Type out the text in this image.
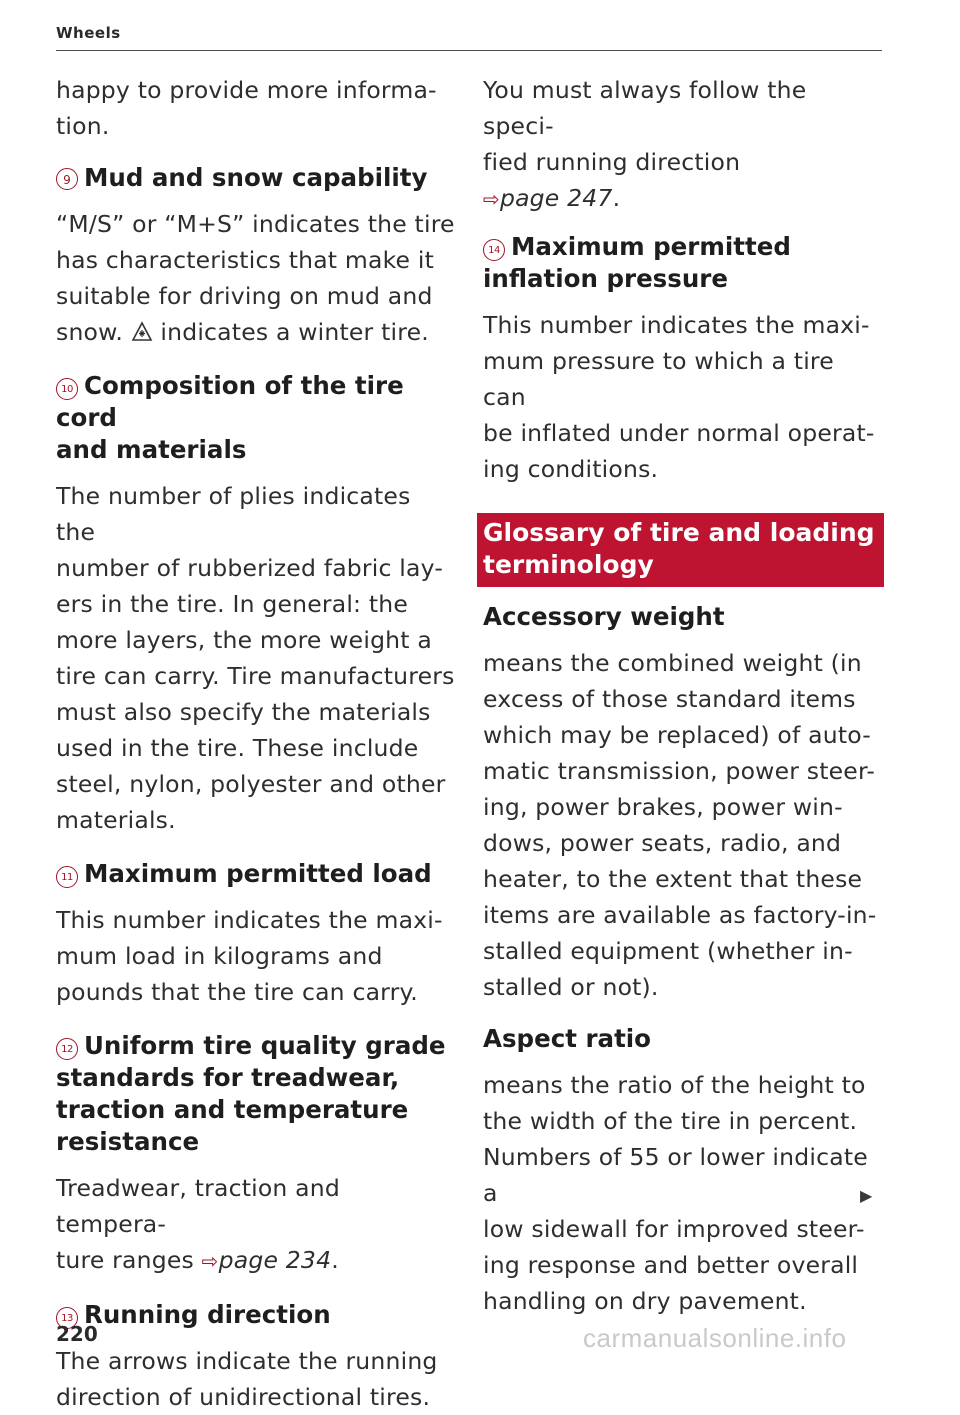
Wheels

happy to provide more informa-
tion.

9 Mud and snow capability

“M/S” or “M+S” indicates the tire
has characteristics that make it
suitable for driving on mud and
snow.  indicates a winter tire.

10 Composition of the tire cord
and materials

The number of plies indicates the
number of rubberized fabric lay-
ers in the tire. In general: the
more layers, the more weight a
tire can carry. Tire manufacturers
must also specify the materials
used in the tire. These include
steel, nylon, polyester and other
materials.

11 Maximum permitted load

This number indicates the maxi-
mum load in kilograms and
pounds that the tire can carry.

12 Uniform tire quality grade
standards for treadwear,
traction and temperature
resistance

Treadwear, traction and tempera-
ture ranges ⇨page 234.

13 Running direction

The arrows indicate the running
direction of unidirectional tires.

You must always follow the speci-
fied running direction
⇨page 247.

14 Maximum permitted
inflation pressure

This number indicates the maxi-
mum pressure to which a tire can
be inflated under normal operat-
ing conditions.

Glossary of tire and loading
terminology
Accessory weight

means the combined weight (in
excess of those standard items
which may be replaced) of auto-
matic transmission, power steer-
ing, power brakes, power win-
dows, power seats, radio, and
heater, to the extent that these
items are available as factory-in-
stalled equipment (whether in-
stalled or not).

Aspect ratio

means the ratio of the height to
the width of the tire in percent.
Numbers of 55 or lower indicate a
low sidewall for improved steer-
ing response and better overall
handling on dry pavement.

▶
220	carmanualsonline.info
